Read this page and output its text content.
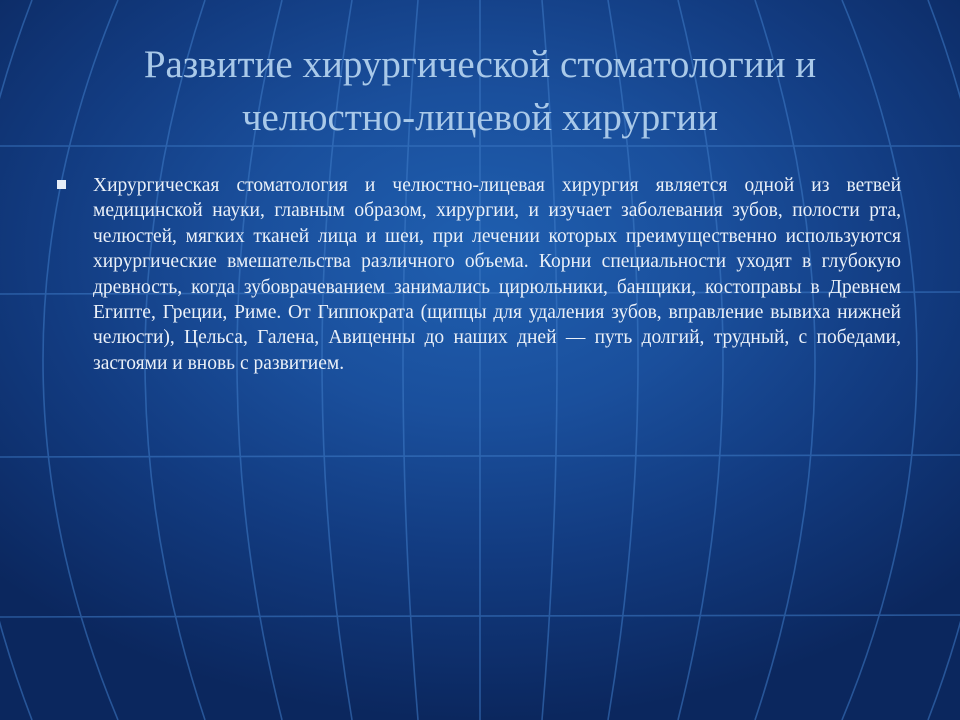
Развитие хирургической стоматологии и
челюстно-лицевой хирургии

Хирургическая стоматология и челюстно-лицевая хирургия является одной из ветвей медицинской науки, главным образом, хирургии, и изучает заболевания зубов, полости рта, челюстей, мягких тканей лица и шеи, при лечении которых преимущественно используются хирургические вмешательства различного объема. Корни специальности уходят в глубокую древность, когда зубоврачеванием занимались цирюльники, банщики, костоправы в Древнем Египте, Греции, Риме. От Гиппократа (щипцы для удаления зубов, вправление вывиха нижней челюсти), Цельса, Галена, Авиценны до наших дней — путь долгий, трудный, с победами, застоями и вновь с развитием.
